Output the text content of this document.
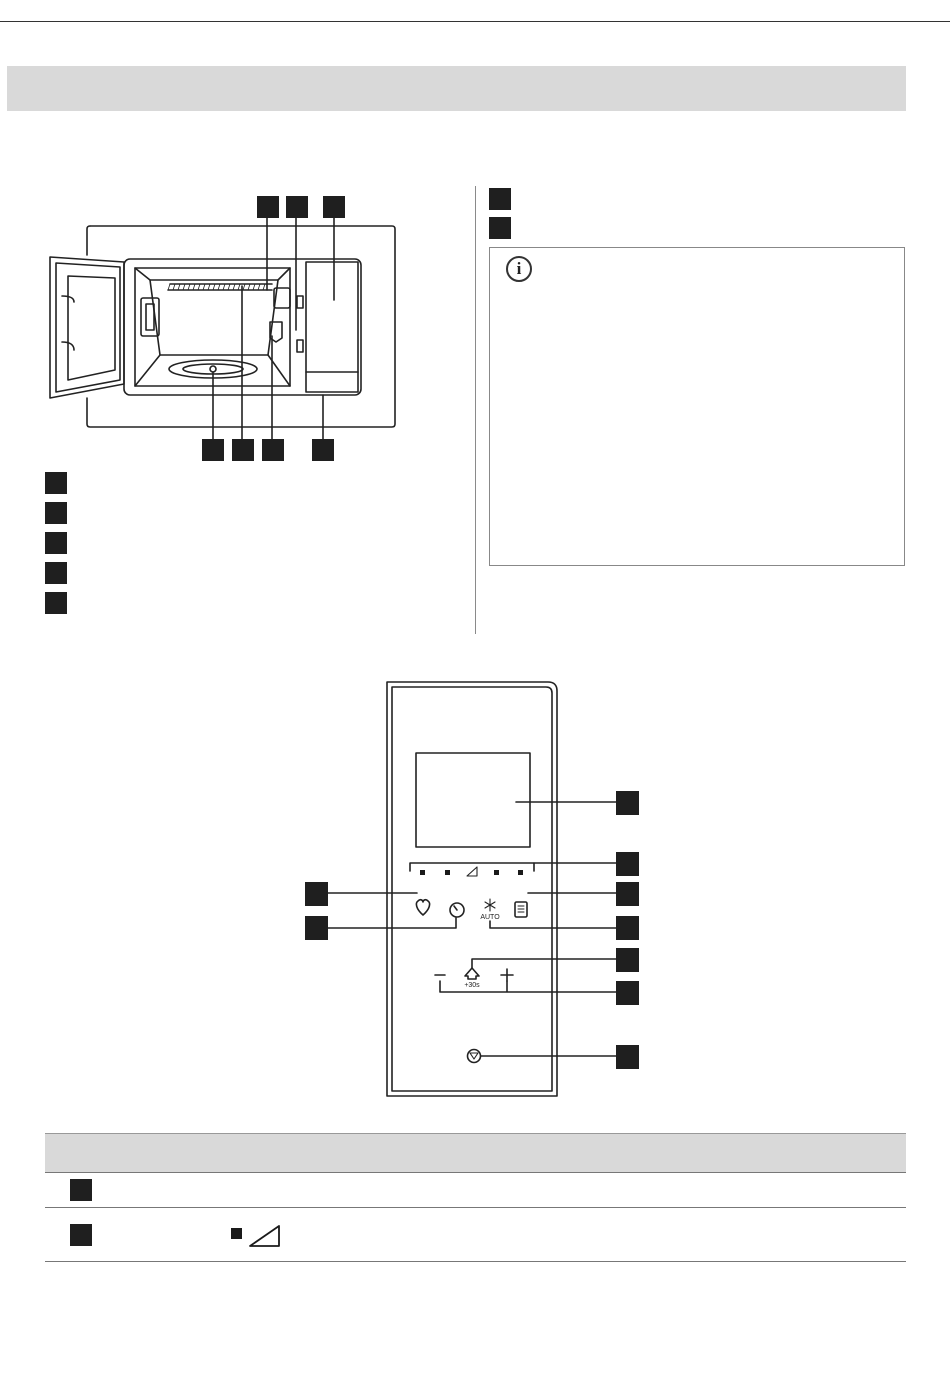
i
AUTO
+30s
